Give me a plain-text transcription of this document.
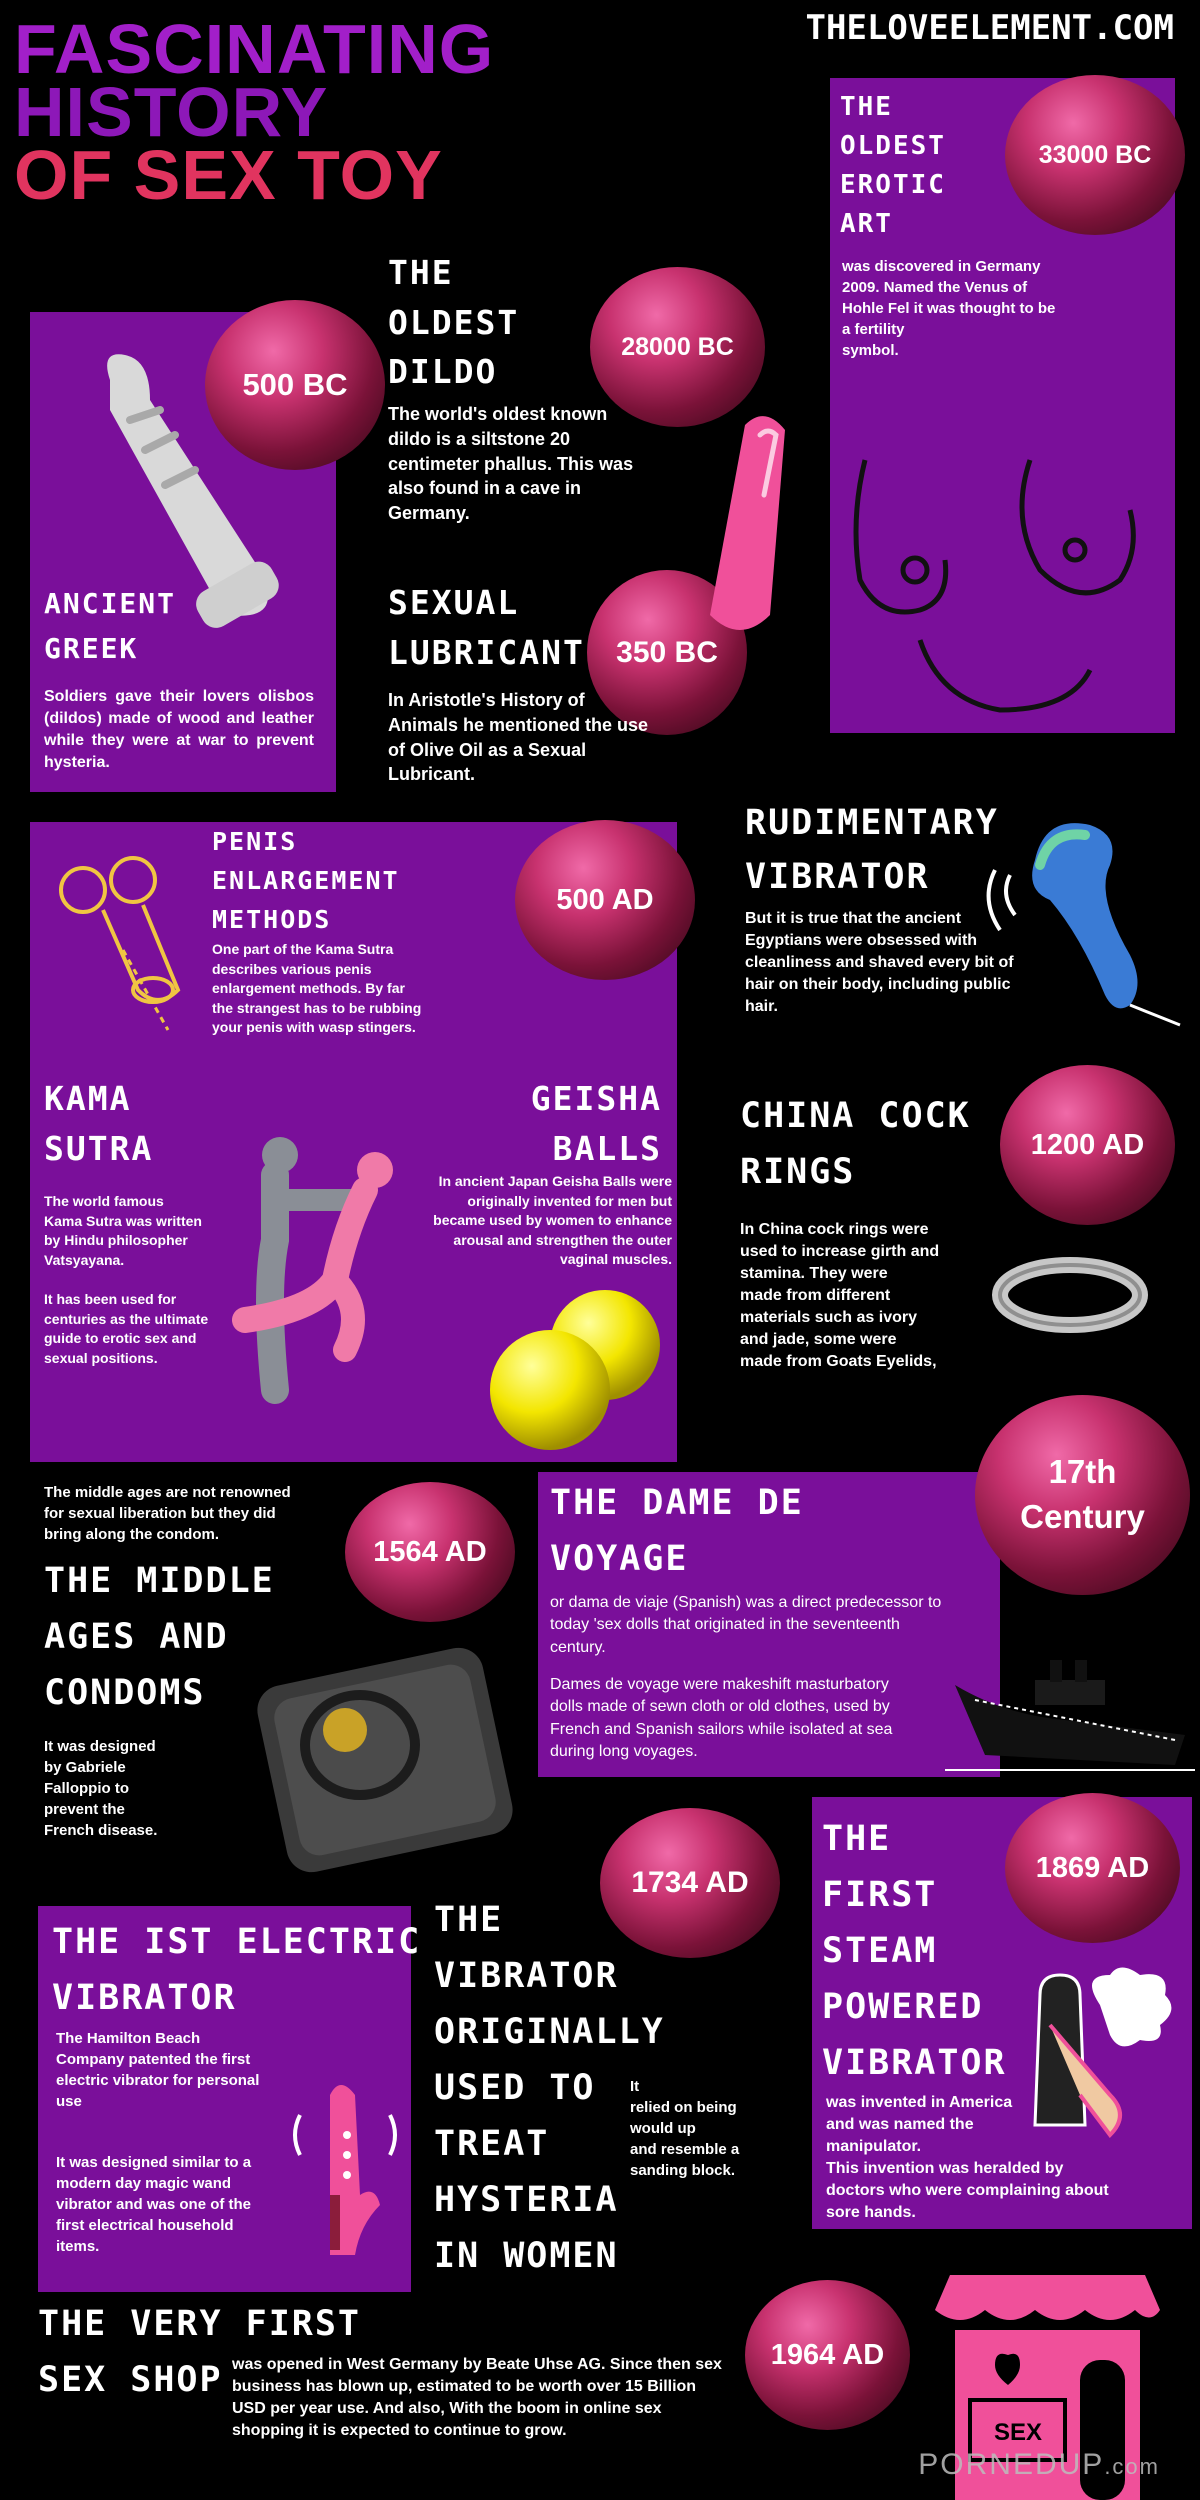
FASCINATING
HISTORY
OF SEX TOY
THELOVEELEMENT.COM
33000 BC
28000 BC
500 BC
350 BC
500 AD
1200 AD
1564 AD
17th
Century
1734 AD	1869 AD
1964 AD
THE
OLDEST
EROTIC
ART
THE
OLDEST
DILDO
ANCIENT
GREEK
SEXUAL
LUBRICANT
PENIS
ENLARGEMENT
METHODS
RUDIMENTARY
VIBRATOR
KAMA
SUTRA
GEISHA
BALLS
CHINA COCK
RINGS
THE MIDDLE
AGES AND
CONDOMS
THE DAME DE
VOYAGE
THE IST ELECTRIC
VIBRATOR
THE
VIBRATOR
ORIGINALLY
USED TO
TREAT
HYSTERIA
IN WOMEN
THE
FIRST
STEAM
POWERED
VIBRATOR
THE VERY FIRST
SEX SHOP
was discovered in Germany
2009. Named the Venus of
Hohle Fel it was thought to be
a fertility
symbol.
The world's oldest known
dildo is a siltstone 20
centimeter phallus. This was
also found in a cave in
Germany.
Soldiers gave their lovers olisbos (dildos) made of wood and leather while they were at war to prevent hysteria.
In Aristotle's History of
Animals he mentioned the use
of Olive Oil as a Sexual
Lubricant.
One part of the Kama Sutra
describes various penis
enlargement methods. By far
the strangest has to be rubbing
your penis with wasp stingers.
But it is true that the ancient
Egyptians were obsessed with
cleanliness and shaved every bit of
hair on their body, including public
hair.
The world famous
Kama Sutra was written
by Hindu philosopher
Vatsyayana.

It has been used for
centuries as the ultimate
guide to erotic sex and
sexual positions.
In ancient Japan Geisha Balls were
originally invented for men but
became used by women to enhance
arousal and strengthen the outer
vaginal muscles.
In China cock rings were
used to increase girth and
stamina. They were
made from different
materials such as ivory
and jade, some were
made from Goats Eyelids,
The middle ages are not renowned
for sexual liberation but they did
bring along the condom.
It was designed
by Gabriele
Falloppio to
prevent the
French disease.
or dama de viaje (Spanish) was a direct predecessor to
today 'sex dolls that originated in the seventeenth
century.
Dames de voyage were makeshift masturbatory
dolls made of sewn cloth or old clothes, used by
French and Spanish sailors while isolated at sea
during long voyages.
The Hamilton Beach
Company patented the first
electric vibrator for personal
use
It was designed similar to a
modern day magic wand
vibrator and was one of the
first electrical household
items.
It
relied on being
would up
and resemble a
sanding block.
was invented in America
and was named the
manipulator.
This invention was heralded by
doctors who were complaining about
sore hands.
was opened in West Germany by Beate Uhse AG. Since then sex
business has blown up, estimated to be worth over 15 Billion
USD per year use. And also, With the boom in online sex
shopping it is expected to continue to grow.	SEX
PORNEDUP.com
